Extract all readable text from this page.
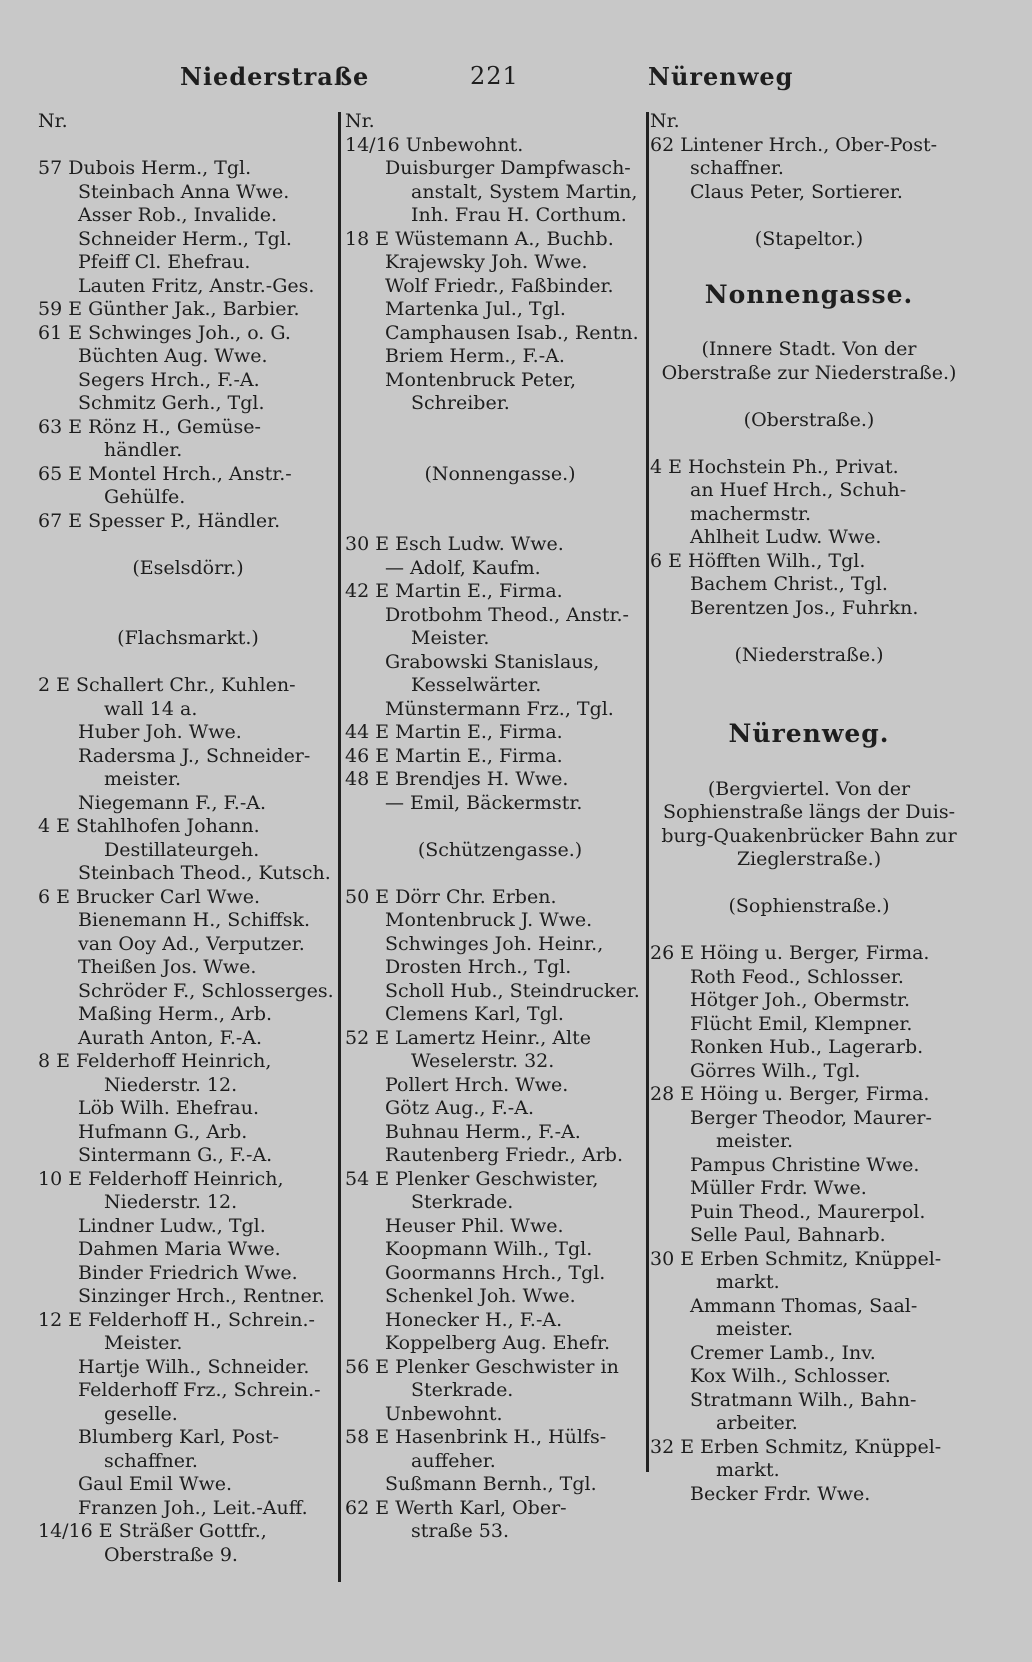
Niederstraße	221	Nürenweg
Nr.
57 Dubois Herm., Tgl.
Steinbach Anna Wwe.
Asser Rob., Invalide.
Schneider Herm., Tgl.
Pfeiff Cl. Ehefrau.
Lauten Fritz, Anstr.-Ges.
59 E Günther Jak., Barbier.
61 E Schwinges Joh., o. G.
Büchten Aug. Wwe.
Segers Hrch., F.-A.
Schmitz Gerh., Tgl.
63 E Rönz H., Gemüse-
händler.
65 E Montel Hrch., Anstr.-
Gehülfe.
67 E Spesser P., Händler.
(Eselsdörr.)
(Flachsmarkt.)
2 E Schallert Chr., Kuhlen-
wall 14 a.
Huber Joh. Wwe.
Radersma J., Schneider-
meister.
Niegemann F., F.-A.
4 E Stahlhofen Johann.
Destillateurgeh.
Steinbach Theod., Kutsch.
6 E Brucker Carl Wwe.
Bienemann H., Schiffsk.
van Ooy Ad., Verputzer.
Theißen Jos. Wwe.
Schröder F., Schlosserges.
Maßing Herm., Arb.
Aurath Anton, F.-A.
8 E Felderhoff Heinrich,
Niederstr. 12.
Löb Wilh. Ehefrau.
Hufmann G., Arb.
Sintermann G., F.-A.
10 E Felderhoff Heinrich,
Niederstr. 12.
Lindner Ludw., Tgl.
Dahmen Maria Wwe.
Binder Friedrich Wwe.
Sinzinger Hrch., Rentner.
12 E Felderhoff H., Schrein.-
Meister.
Hartje Wilh., Schneider.
Felderhoff Frz., Schrein.-
geselle.
Blumberg Karl, Post-
schaffner.
Gaul Emil Wwe.
Franzen Joh., Leit.-Auff.
14/16 E Sträßer Gottfr.,
Oberstraße 9.
Nr.
14/16 Unbewohnt.
Duisburger Dampfwasch-
anstalt, System Martin,
Inh. Frau H. Corthum.
18 E Wüstemann A., Buchb.
Krajewsky Joh. Wwe.
Wolf Friedr., Faßbinder.
Martenka Jul., Tgl.
Camphausen Isab., Rentn.
Briem Herm., F.-A.
Montenbruck Peter,
Schreiber.
(Nonnengasse.)
30 E Esch Ludw. Wwe.
— Adolf, Kaufm.
42 E Martin E., Firma.
Drotbohm Theod., Anstr.-
Meister.
Grabowski Stanislaus,
Kesselwärter.
Münstermann Frz., Tgl.
44 E Martin E., Firma.
46 E Martin E., Firma.
48 E Brendjes H. Wwe.
— Emil, Bäckermstr.
(Schützengasse.)
50 E Dörr Chr. Erben.
Montenbruck J. Wwe.
Schwinges Joh. Heinr.,
Drosten Hrch., Tgl.
Scholl Hub., Steindrucker.
Clemens Karl, Tgl.
52 E Lamertz Heinr., Alte
Weselerstr. 32.
Pollert Hrch. Wwe.
Götz Aug., F.-A.
Buhnau Herm., F.-A.
Rautenberg Friedr., Arb.
54 E Plenker Geschwister,
Sterkrade.
Heuser Phil. Wwe.
Koopmann Wilh., Tgl.
Goormanns Hrch., Tgl.
Schenkel Joh. Wwe.
Honecker H., F.-A.
Koppelberg Aug. Ehefr.
56 E Plenker Geschwister in
Sterkrade.
Unbewohnt.
58 E Hasenbrink H., Hülfs-
auffeher.
Sußmann Bernh., Tgl.
62 E Werth Karl, Ober-
straße 53.
Nr.
62 Lintener Hrch., Ober-Post-
schaffner.
Claus Peter, Sortierer.
(Stapeltor.)
Nonnengasse.
(Innere Stadt. Von der
Oberstraße zur Niederstraße.)
(Oberstraße.)
4 E Hochstein Ph., Privat.
an Huef Hrch., Schuh-
machermstr.
Ahlheit Ludw. Wwe.
6 E Höfften Wilh., Tgl.
Bachem Christ., Tgl.
Berentzen Jos., Fuhrkn.
(Niederstraße.)
Nürenweg.
(Bergviertel. Von der
Sophienstraße längs der Duis-
burg-Quakenbrücker Bahn zur
Zieglerstraße.)
(Sophienstraße.)
26 E Höing u. Berger, Firma.
Roth Feod., Schlosser.
Hötger Joh., Obermstr.
Flücht Emil, Klempner.
Ronken Hub., Lagerarb.
Görres Wilh., Tgl.
28 E Höing u. Berger, Firma.
Berger Theodor, Maurer-
meister.
Pampus Christine Wwe.
Müller Frdr. Wwe.
Puin Theod., Maurerpol.
Selle Paul, Bahnarb.
30 E Erben Schmitz, Knüppel-
markt.
Ammann Thomas, Saal-
meister.
Cremer Lamb., Inv.
Kox Wilh., Schlosser.
Stratmann Wilh., Bahn-
arbeiter.
32 E Erben Schmitz, Knüppel-
markt.
Becker Frdr. Wwe.
